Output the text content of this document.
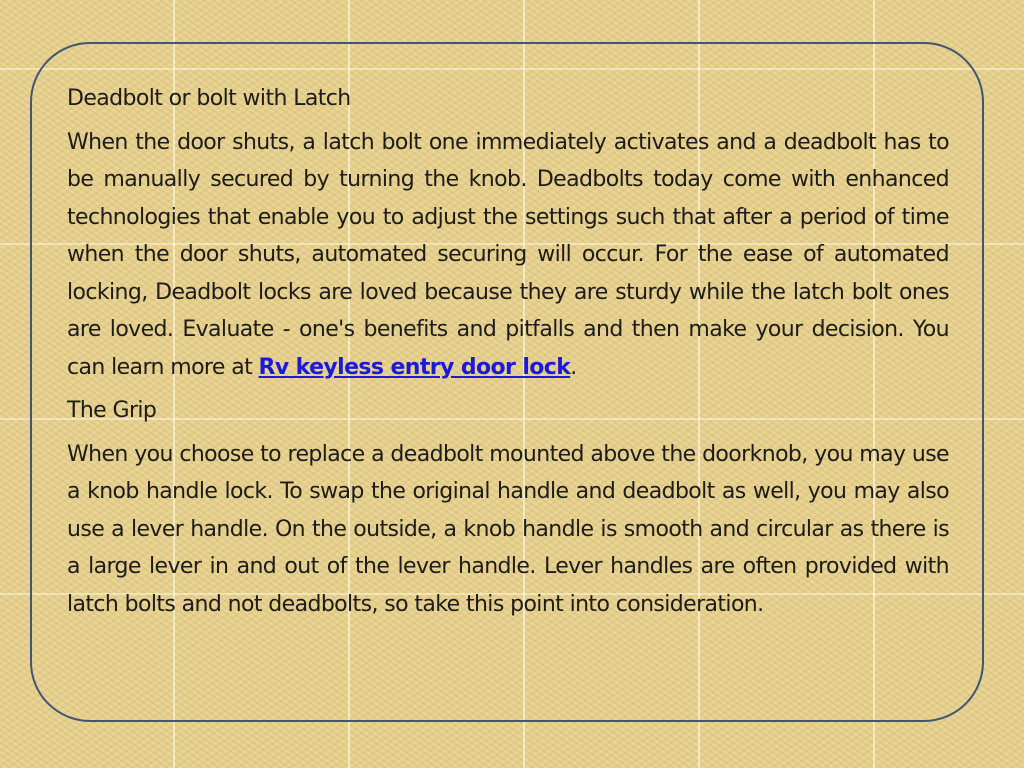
Deadbolt or bolt with Latch

When the door shuts, a latch bolt one immediately activates and a deadbolt has to be manually secured by turning the knob. Deadbolts today come with enhanced technologies that enable you to adjust the settings such that after a period of time when the door shuts, automated securing will occur. For the ease of automated locking, Deadbolt locks are loved because they are sturdy while the latch bolt ones are loved. Evaluate - one's benefits and pitfalls and then make your decision. You can learn more at Rv keyless entry door lock.

The Grip

When you choose to replace a deadbolt mounted above the doorknob, you may use a knob handle lock. To swap the original handle and deadbolt as well, you may also use a lever handle. On the outside, a knob handle is smooth and circular as there is a large lever in and out of the lever handle. Lever handles are often provided with latch bolts and not deadbolts, so take this point into consideration.
